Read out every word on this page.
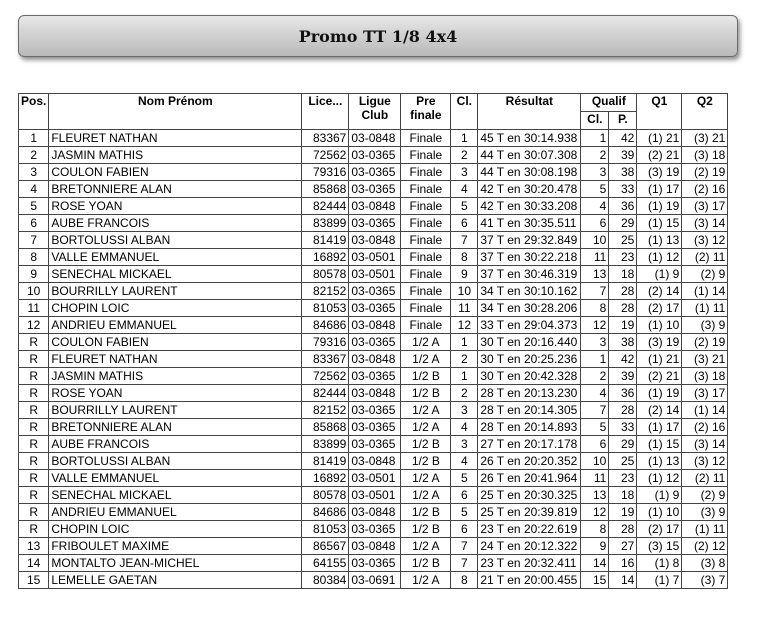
Promo TT 1/8 4x4
Pos.	Nom Prénom	Lice...	Ligue Club	Pre finale	Cl.	Résultat	Qualif		Q1	Q2
							Cl.	P.		
1	FLEURET NATHAN	83367	03-0848	Finale	1	45 T en 30:14.938	1	42	(1) 21	(3) 21
2	JASMIN MATHIS	72562	03-0365	Finale	2	44 T en 30:07.308	2	39	(2) 21	(3) 18
3	COULON FABIEN	79316	03-0365	Finale	3	44 T en 30:08.198	3	38	(3) 19	(2) 19
4	BRETONNIERE ALAN	85868	03-0365	Finale	4	42 T en 30:20.478	5	33	(1) 17	(2) 16
5	ROSE YOAN	82444	03-0848	Finale	5	42 T en 30:33.208	4	36	(1) 19	(3) 17
6	AUBE FRANCOIS	83899	03-0365	Finale	6	41 T en 30:35.511	6	29	(1) 15	(3) 14
7	BORTOLUSSI ALBAN	81419	03-0848	Finale	7	37 T en 29:32.849	10	25	(1) 13	(3) 12
8	VALLE EMMANUEL	16892	03-0501	Finale	8	37 T en 30:22.218	11	23	(1) 12	(2) 11
9	SENECHAL MICKAEL	80578	03-0501	Finale	9	37 T en 30:46.319	13	18	(1) 9	(2) 9
10	BOURRILLY LAURENT	82152	03-0365	Finale	10	34 T en 30:10.162	7	28	(2) 14	(1) 14
11	CHOPIN LOIC	81053	03-0365	Finale	11	34 T en 30:28.206	8	28	(2) 17	(1) 11
12	ANDRIEU EMMANUEL	84686	03-0848	Finale	12	33 T en 29:04.373	12	19	(1) 10	(3) 9
R	COULON FABIEN	79316	03-0365	1/2 A	1	30 T en 20:16.440	3	38	(3) 19	(2) 19
R	FLEURET NATHAN	83367	03-0848	1/2 A	2	30 T en 20:25.236	1	42	(1) 21	(3) 21
R	JASMIN MATHIS	72562	03-0365	1/2 B	1	30 T en 20:42.328	2	39	(2) 21	(3) 18
R	ROSE YOAN	82444	03-0848	1/2 B	2	28 T en 20:13.230	4	36	(1) 19	(3) 17
R	BOURRILLY LAURENT	82152	03-0365	1/2 A	3	28 T en 20:14.305	7	28	(2) 14	(1) 14
R	BRETONNIERE ALAN	85868	03-0365	1/2 A	4	28 T en 20:14.893	5	33	(1) 17	(2) 16
R	AUBE FRANCOIS	83899	03-0365	1/2 B	3	27 T en 20:17.178	6	29	(1) 15	(3) 14
R	BORTOLUSSI ALBAN	81419	03-0848	1/2 B	4	26 T en 20:20.352	10	25	(1) 13	(3) 12
R	VALLE EMMANUEL	16892	03-0501	1/2 A	5	26 T en 20:41.964	11	23	(1) 12	(2) 11
R	SENECHAL MICKAEL	80578	03-0501	1/2 A	6	25 T en 20:30.325	13	18	(1) 9	(2) 9
R	ANDRIEU EMMANUEL	84686	03-0848	1/2 B	5	25 T en 20:39.819	12	19	(1) 10	(3) 9
R	CHOPIN LOIC	81053	03-0365	1/2 B	6	23 T en 20:22.619	8	28	(2) 17	(1) 11
13	FRIBOULET MAXIME	86567	03-0848	1/2 A	7	24 T en 20:12.322	9	27	(3) 15	(2) 12
14	MONTALTO JEAN-MICHEL	64155	03-0365	1/2 B	7	23 T en 20:32.411	14	16	(1) 8	(3) 8
15	LEMELLE GAETAN	80384	03-0691	1/2 A	8	21 T en 20:00.455	15	14	(1) 7	(3) 7
